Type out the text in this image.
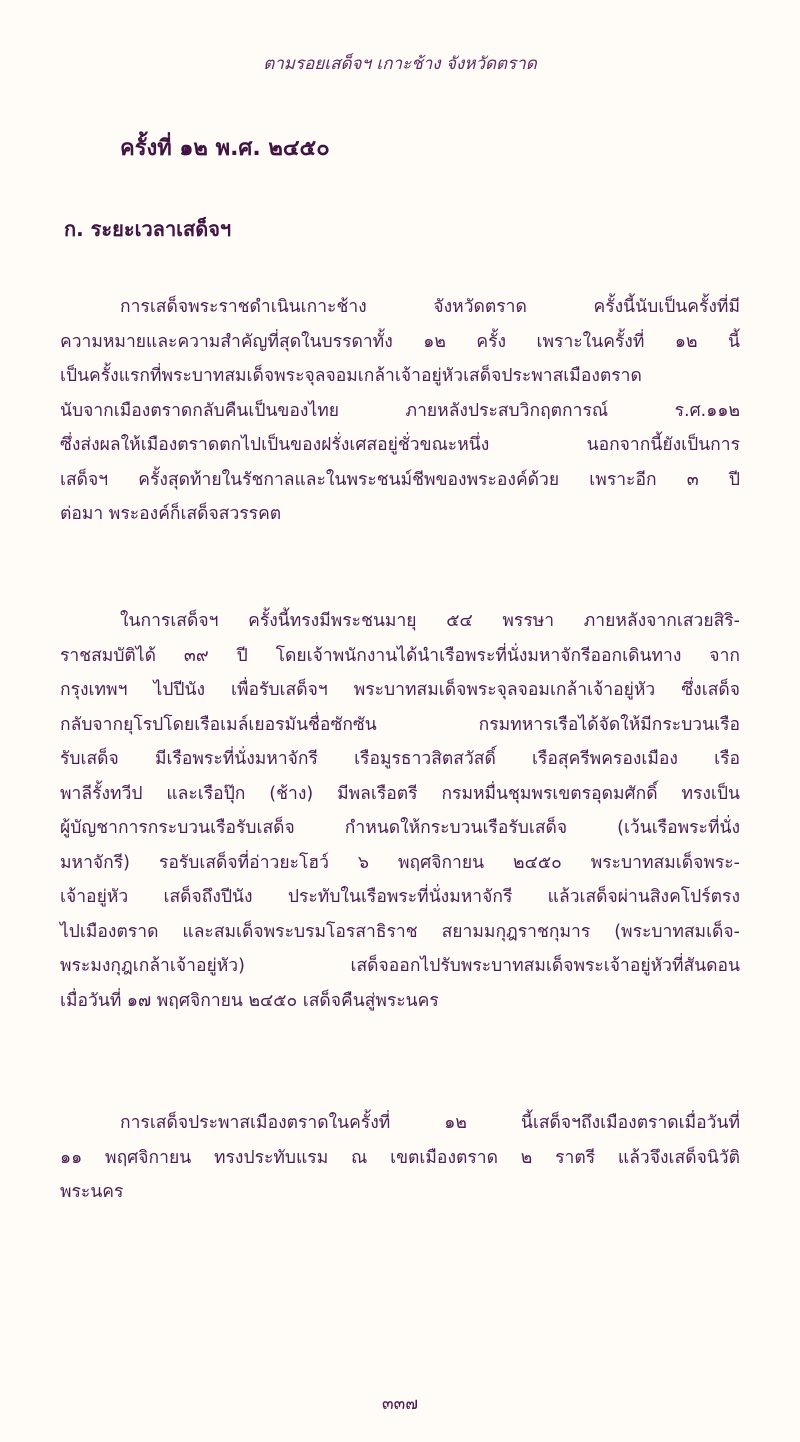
ตามรอยเสด็จฯ เกาะช้าง จังหวัดตราด
ครั้งที่ ๑๒ พ.ศ. ๒๔๕๐
ก. ระยะเวลาเสด็จฯ
การเสด็จพระราชดำเนินเกาะช้าง จังหวัดตราด ครั้งนี้นับเป็นครั้งที่มี
ความหมายและความสำคัญที่สุดในบรรดาทั้ง ๑๒ ครั้ง เพราะในครั้งที่ ๑๒ นี้
เป็นครั้งแรกที่พระบาทสมเด็จพระจุลจอมเกล้าเจ้าอยู่หัวเสด็จประพาสเมืองตราด
นับจากเมืองตราดกลับคืนเป็นของไทย ภายหลังประสบวิกฤตการณ์ ร.ศ.๑๑๒
ซึ่งส่งผลให้เมืองตราดตกไปเป็นของฝรั่งเศสอยู่ชั่วขณะหนึ่ง นอกจากนี้ยังเป็นการ
เสด็จฯ ครั้งสุดท้ายในรัชกาลและในพระชนม์ชีพของพระองค์ด้วย เพราะอีก ๓ ปี
ต่อมา พระองค์ก็เสด็จสวรรคต
ในการเสด็จฯ ครั้งนี้ทรงมีพระชนมายุ ๕๔ พรรษา ภายหลังจากเสวยสิริ-
ราชสมบัติได้ ๓๙ ปี โดยเจ้าพนักงานได้นำเรือพระที่นั่งมหาจักรีออกเดินทาง จาก
กรุงเทพฯ ไปปีนัง เพื่อรับเสด็จฯ พระบาทสมเด็จพระจุลจอมเกล้าเจ้าอยู่หัว ซึ่งเสด็จ
กลับจากยุโรปโดยเรือเมล์เยอรมันชื่อซักซัน กรมทหารเรือได้จัดให้มีกระบวนเรือ
รับเสด็จ มีเรือพระที่นั่งมหาจักรี เรือมูรธาวสิตสวัสดิ์ เรือสุครีพครองเมือง เรือ
พาลีรั้งทวีป และเรือปุ๊ก (ช้าง) มีพลเรือตรี กรมหมื่นชุมพรเขตรอุดมศักดิ์ ทรงเป็น
ผู้บัญชาการกระบวนเรือรับเสด็จ กำหนดให้กระบวนเรือรับเสด็จ (เว้นเรือพระที่นั่ง
มหาจักรี) รอรับเสด็จที่อ่าวยะโฮว์ ๖ พฤศจิกายน ๒๔๕๐ พระบาทสมเด็จพระ-
เจ้าอยู่หัว เสด็จถึงปีนัง ประทับในเรือพระที่นั่งมหาจักรี แล้วเสด็จผ่านสิงคโปร์ตรง
ไปเมืองตราด และสมเด็จพระบรมโอรสาธิราช สยามมกุฎราชกุมาร (พระบาทสมเด็จ-
พระมงกุฎเกล้าเจ้าอยู่หัว) เสด็จออกไปรับพระบาทสมเด็จพระเจ้าอยู่หัวที่สันดอน
เมื่อวันที่ ๑๗ พฤศจิกายน ๒๔๕๐ เสด็จคืนสู่พระนคร
การเสด็จประพาสเมืองตราดในครั้งที่ ๑๒ นี้เสด็จฯถึงเมืองตราดเมื่อวันที่
๑๑ พฤศจิกายน ทรงประทับแรม ณ เขตเมืองตราด ๒ ราตรี แล้วจึงเสด็จนิวัติ
พระนคร
๓๓๗
